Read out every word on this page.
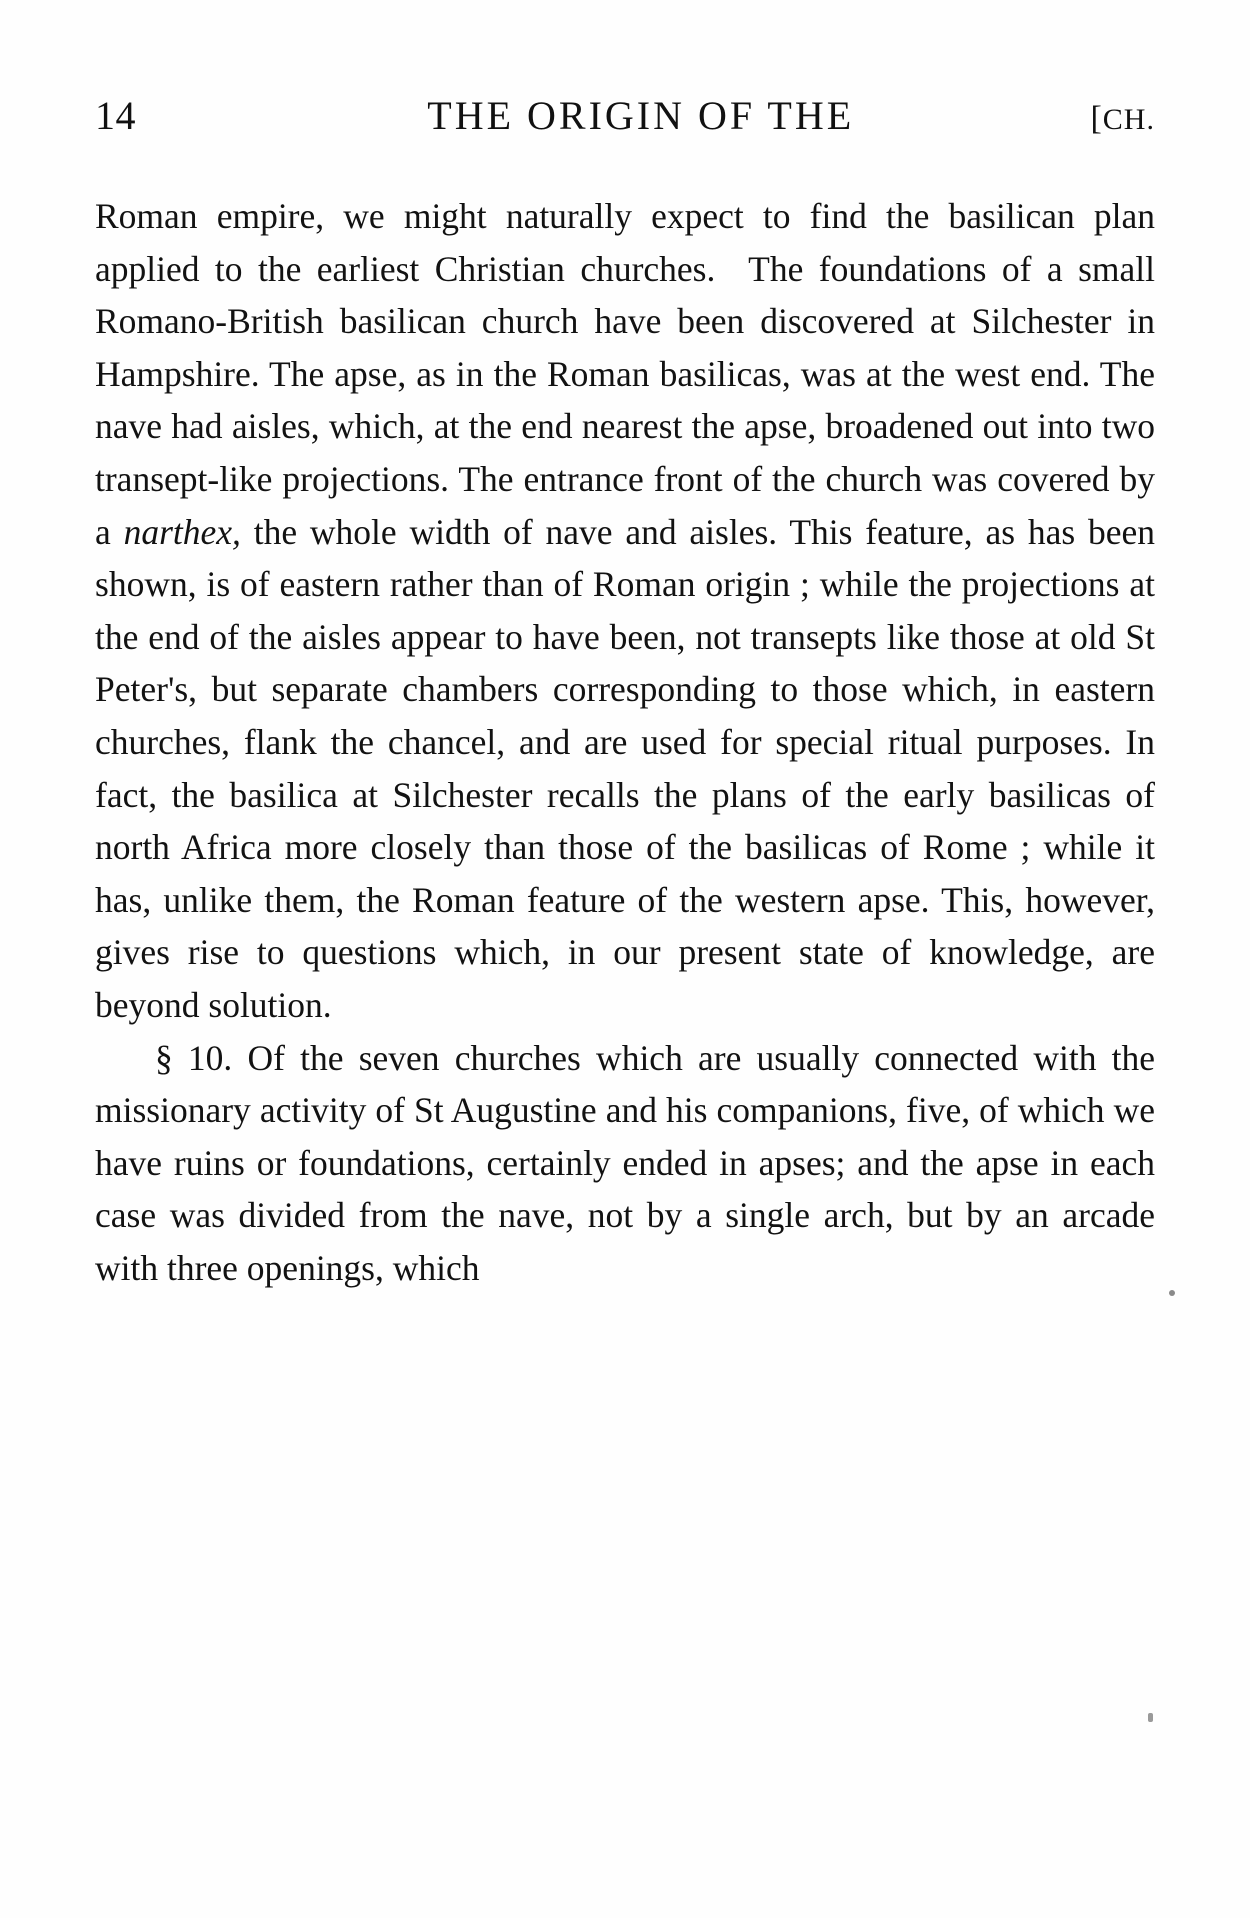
14	THE ORIGIN OF THE	[CH.

Roman empire, we might naturally expect to find the basilican plan applied to the earliest Christian churches. The foundations of a small Romano-British basilican church have been discovered at Silchester in Hampshire. The apse, as in the Roman basilicas, was at the west end. The nave had aisles, which, at the end nearest the apse, broadened out into two transept-like projections. The entrance front of the church was covered by a narthex, the whole width of nave and aisles. This feature, as has been shown, is of eastern rather than of Roman origin ; while the projections at the end of the aisles appear to have been, not transepts like those at old St Peter's, but separate chambers corresponding to those which, in eastern churches, flank the chancel, and are used for special ritual purposes. In fact, the basilica at Silchester recalls the plans of the early basilicas of north Africa more closely than those of the basilicas of Rome ; while it has, unlike them, the Roman feature of the western apse. This, however, gives rise to questions which, in our present state of knowledge, are beyond solution.

§ 10. Of the seven churches which are usually connected with the missionary activity of St Augustine and his companions, five, of which we have ruins or foundations, certainly ended in apses; and the apse in each case was divided from the nave, not by a single arch, but by an arcade with three openings, which
